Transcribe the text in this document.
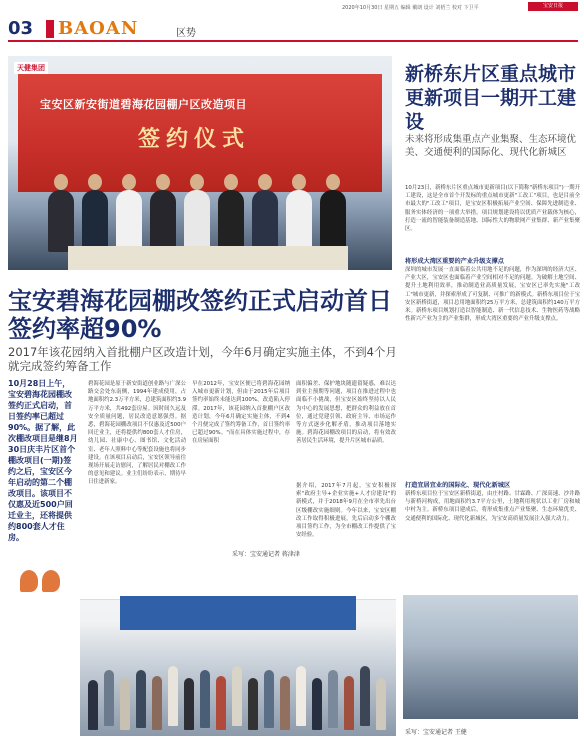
2020年10月30日 星期五 编辑 戴朗 设计 刘梧兰 校对 卞卫平	宝安日报
03 BAOAN	区势
天健集团
宝安区新安街道碧海花园棚户区改造项目
签约仪式
宝安碧海花园棚改签约正式启动首日签约率超90%
2017年该花园纳入首批棚户区改造计划，今年6月确定实施主体，不到4个月就完成签约筹备工作
10月28日上午，宝安碧海花园棚改签约正式启动，首日签约率已超过90%。据了解，此次棚改项目是继8月30日庆丰片区首个棚改项目(一期)签约之后，宝安区今年启动的第二个棚改项目。该项目不仅惠及近500户回迁业主，还将提供约800套人才住房。
碧海花园是原于新安街道创业路与广深公路交会处东南侧，1994年建成使用，占地面积约2.3万平方米，总建筑面积约3.9万平方米，共492套房屋。因时间久远及安全质量问题，居民改造意愿强烈。据悉，碧海花园棚改项目不仅惠及近500户回迁业主，还将提供约800套人才住房，幼儿园、社康中心、图书馆、文化活动室、老年人照料中心等配套设施也将同步建设。在该项目启动后，宝安区领导前往现场开展走访慰问，了解居民对棚改工作的意见和建议。业主们纷纷表示，期待早日住进新家。
早在2012年，宝安区便已将碧海花园纳入城市更新计划，但由于2015年后项目签约率始终未能达到100%，改造陷入停滞。2017年，该花园纳入首批棚户区改造计划，今年6月确定实施主体，不到4个月便完成了签约筹备工作，首日签约率已超过90%。"而在具体实施过程中，存在房屋面积
面积偏差、保护地块随遗留疑惑，难以达到业主预期等问题，项目在推进过程中也面临不小挑战，但宝安区始终坚持以人民为中心的发展思想，把群众的利益放在首位，通过党建引领、政府主导、市场运作等方式逐步化解矛盾，推动项目落地实施。碧海花园棚改项目的启动，将有效改善居民生活环境，提升片区城市品质。
据介绍，2017年7月起，宝安积极探索"政府主导+企业实施+人才房建设"的新模式，并于2018年9月在全市率先出台区级棚改实施细则。今年以来，宝安区棚改工作取得积极进展，先后启动多个棚改项目签约工作，为全市棚改工作提供了宝安经验。
采写：宝安通记者 蒋津津
新桥东片区重点城市更新项目一期开工建设
未来将形成集重点产业集聚、生态环境优美、交通便利的国际化、现代化新城区
10月23日，新桥东片区重点城市更新项目(以下简称"新桥东项目")一期开工建设，这是全市首个开发标的重点城市更新"工改工"项目，也是目前全市最大的"工改工"项目，是宝安区积极拓展产业空间、保障先进制造业、服务实体经济的一项重大举措。项目规划建设将以优质产业载体为核心，打造一流的智能装备制造基地、国际性大的物联网产业集群、新产业集聚区。
将形成大湾区重要的产业升级支撑点
深圳的城市发展一直面临着公共用地不足的问题，作为深圳的经济大区、产业大区，宝安区也面临着产业空间相对不足的问题。为破解土地空间、提升土地利用效率，推动制造业高质量发展，宝安区已率先实施"工改工"城市更新，并探索形成了可复制、可推广的新模式。新桥东项目位于宝安区新桥街道，项目总用地面积约25万平方米，总建筑面积约140万平方米。新桥东项目规划打造以智能制造、新一代信息技术、生物医药等战略性新兴产业为主的产业集群，形成大湾区重要的产业升级支撑点。
打造宜居宜业的国际化、现代化新城区
新桥东项目位于宝安区新桥街道，由庄村路、甘霖路、广深高速、沙井路与新桥河构成，用地面积约3.7平方公里，土地利用现状以工业厂房和城中村为主。新桥东项目建成后，将形成集重点产业集聚、生态环境优美、交通便利的国际化、现代化新城区，为宝安高质量发展注入强大动力。
采写：宝安通记者 王健
